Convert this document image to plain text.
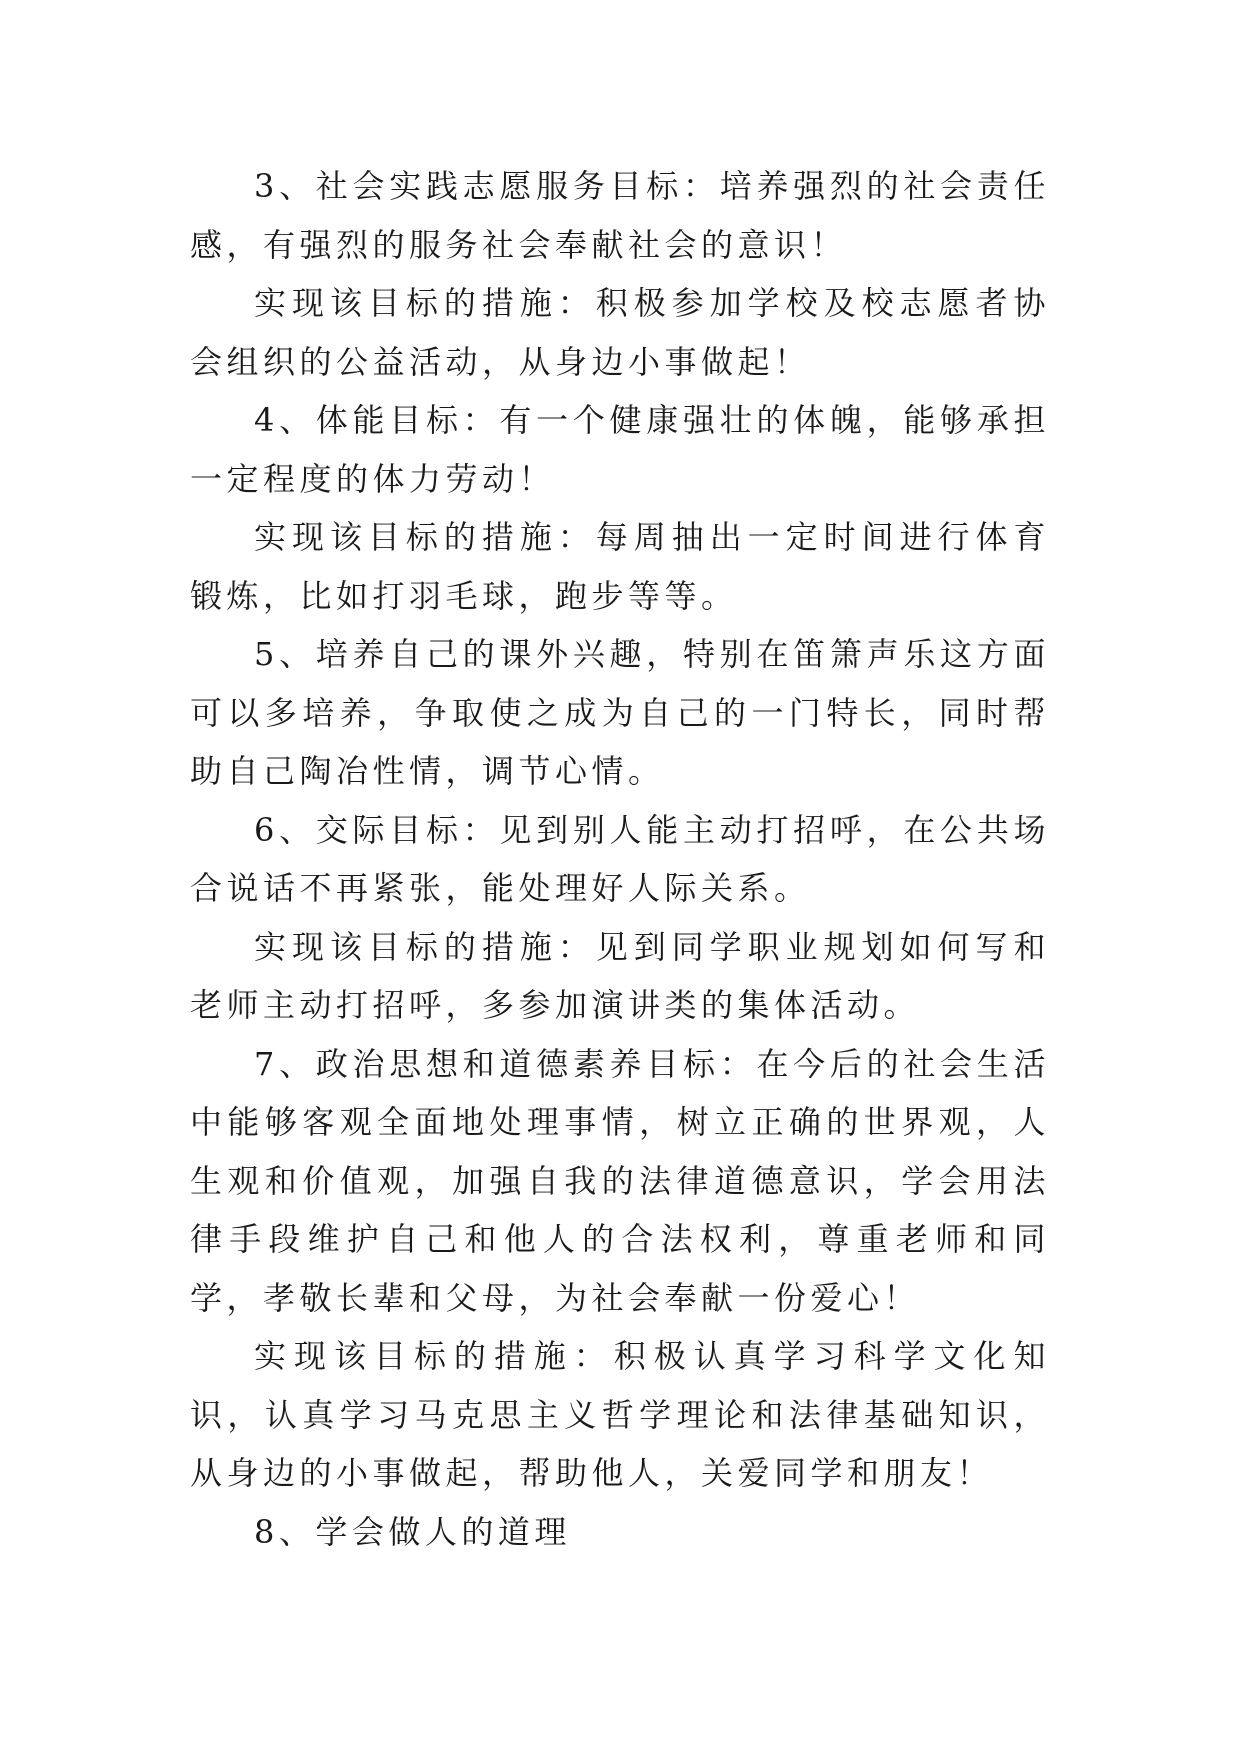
3、社会实践志愿服务目标：培养强烈的社会责任感，有强烈的服务社会奉献社会的意识！

实现该目标的措施：积极参加学校及校志愿者协会组织的公益活动，从身边小事做起！

4、体能目标：有一个健康强壮的体魄，能够承担一定程度的体力劳动！

实现该目标的措施：每周抽出一定时间进行体育锻炼，比如打羽毛球，跑步等等。

5、培养自己的课外兴趣，特别在笛箫声乐这方面可以多培养，争取使之成为自己的一门特长，同时帮助自己陶冶性情，调节心情。

6、交际目标：见到别人能主动打招呼，在公共场合说话不再紧张，能处理好人际关系。

实现该目标的措施：见到同学职业规划如何写和老师主动打招呼，多参加演讲类的集体活动。

7、政治思想和道德素养目标：在今后的社会生活中能够客观全面地处理事情，树立正确的世界观，人生观和价值观，加强自我的法律道德意识，学会用法律手段维护自己和他人的合法权利，尊重老师和同学，孝敬长辈和父母，为社会奉献一份爱心！

实现该目标的措施：积极认真学习科学文化知识，认真学习马克思主义哲学理论和法律基础知识，从身边的小事做起，帮助他人，关爱同学和朋友！

8、学会做人的道理
